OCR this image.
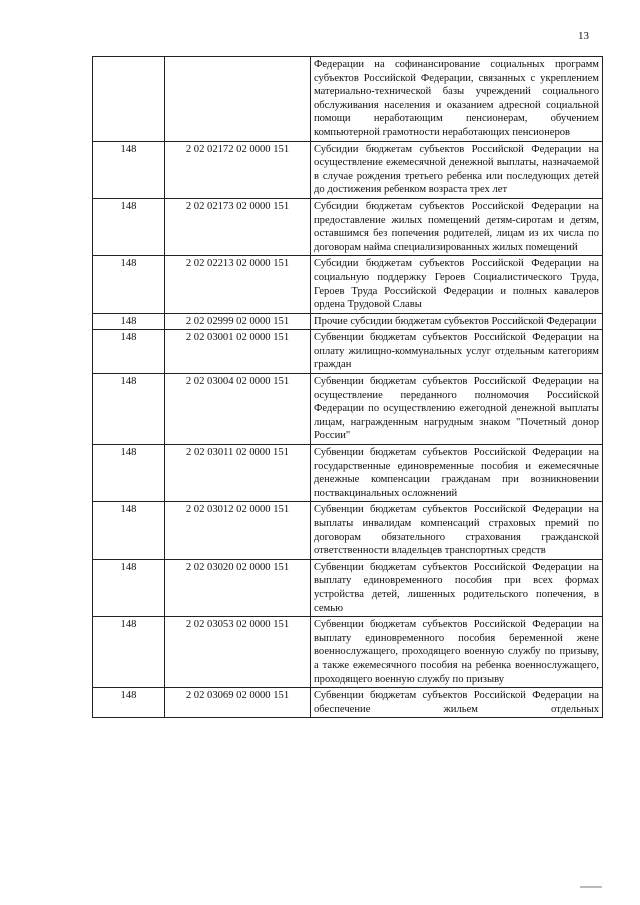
13

		Федерации на софинансирование социальных программ субъектов Российской Федерации, связанных с укреплением материально-технической базы учреждений социального обслуживания населения и оказанием адресной социальной помощи неработающим пенсионерам, обучением компьютерной грамотности неработающих пенсионеров

148	2 02 02172 02 0000 151	Субсидии бюджетам субъектов Российской Федерации на осуществление ежемесячной денежной выплаты, назначаемой в случае рождения третьего ребенка или последующих детей до достижения ребенком возраста трех лет

148	2 02 02173 02 0000 151	Субсидии бюджетам субъектов Российской Федерации на предоставление жилых помещений детям-сиротам и детям, оставшимся без попечения родителей, лицам из их числа по договорам найма специализированных жилых помещений

148	2 02 02213 02 0000 151	Субсидии бюджетам субъектов Российской Федерации на социальную поддержку Героев Социалистического Труда, Героев Труда Российской Федерации и полных кавалеров ордена Трудовой Славы

148	2 02 02999 02 0000 151	Прочие субсидии бюджетам субъектов Российской Федерации

148	2 02 03001 02 0000 151	Субвенции бюджетам субъектов Российской Федерации на оплату жилищно-коммунальных услуг отдельным категориям граждан

148	2 02 03004 02 0000 151	Субвенции бюджетам субъектов Российской Федерации на осуществление переданного полномочия Российской Федерации по осуществлению ежегодной денежной выплаты лицам, награжденным нагрудным знаком "Почетный донор России"

148	2 02 03011 02 0000 151	Субвенции бюджетам субъектов Российской Федерации на государственные единовременные пособия и ежемесячные денежные компенсации гражданам при возникновении поствакцинальных осложнений

148	2 02 03012 02 0000 151	Субвенции бюджетам субъектов Российской Федерации на выплаты инвалидам компенсаций страховых премий по договорам обязательного страхования гражданской ответственности владельцев транспортных средств

148	2 02 03020 02 0000 151	Субвенции бюджетам субъектов Российской Федерации на выплату единовременного пособия при всех формах устройства детей, лишенных родительского попечения, в семью

148	2 02 03053 02 0000 151	Субвенции бюджетам субъектов Российской Федерации на выплату единовременного пособия беременной жене военнослужащего, проходящего военную службу по призыву, а также ежемесячного пособия на ребенка военнослужащего, проходящего военную службу по призыву

148	2 02 03069 02 0000 151	Субвенции бюджетам субъектов Российской Федерации на обеспечение жильем отдельных
